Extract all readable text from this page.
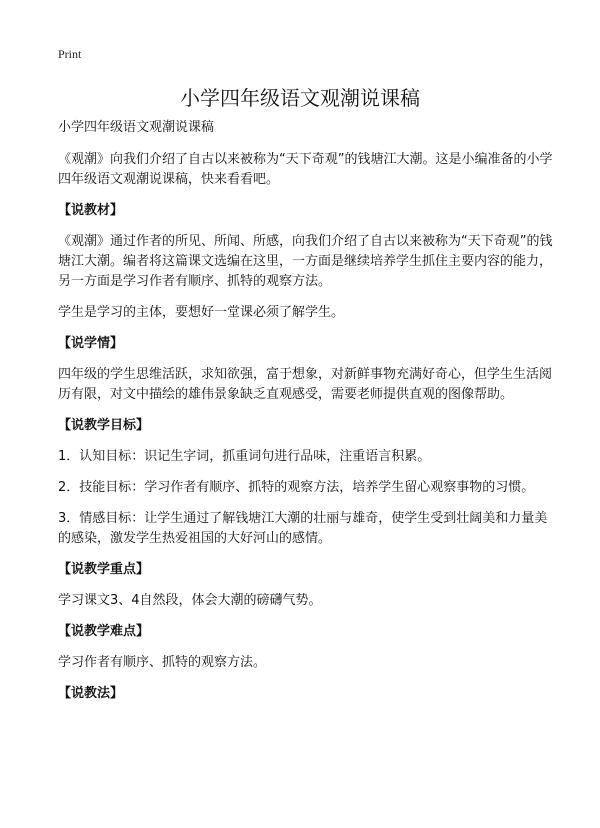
Print
小学四年级语文观潮说课稿

小学四年级语文观潮说课稿

《观潮》向我们介绍了自古以来被称为“天下奇观”的钱塘江大潮。这是小编准备的小学四年级语文观潮说课稿，快来看看吧。

【说教材】

《观潮》通过作者的所见、所闻、所感，向我们介绍了自古以来被称为“天下奇观”的钱塘江大潮。编者将这篇课文选编在这里，一方面是继续培养学生抓住主要内容的能力，另一方面是学习作者有顺序、抓特的观察方法。

学生是学习的主体，要想好一堂课必须了解学生。

【说学情】

四年级的学生思维活跃，求知欲强，富于想象，对新鲜事物充满好奇心，但学生生活阅历有限，对文中描绘的雄伟景象缺乏直观感受，需要老师提供直观的图像帮助。

【说教学目标】

1．认知目标：识记生字词，抓重词句进行品味，注重语言积累。

2．技能目标：学习作者有顺序、抓特的观察方法，培养学生留心观察事物的习惯。

3．情感目标：让学生通过了解钱塘江大潮的壮丽与雄奇，使学生受到壮阔美和力量美的感染，激发学生热爱祖国的大好河山的感情。

【说教学重点】

学习课文3、4自然段，体会大潮的磅礴气势。

【说教学难点】

学习作者有顺序、抓特的观察方法。

【说教法】
